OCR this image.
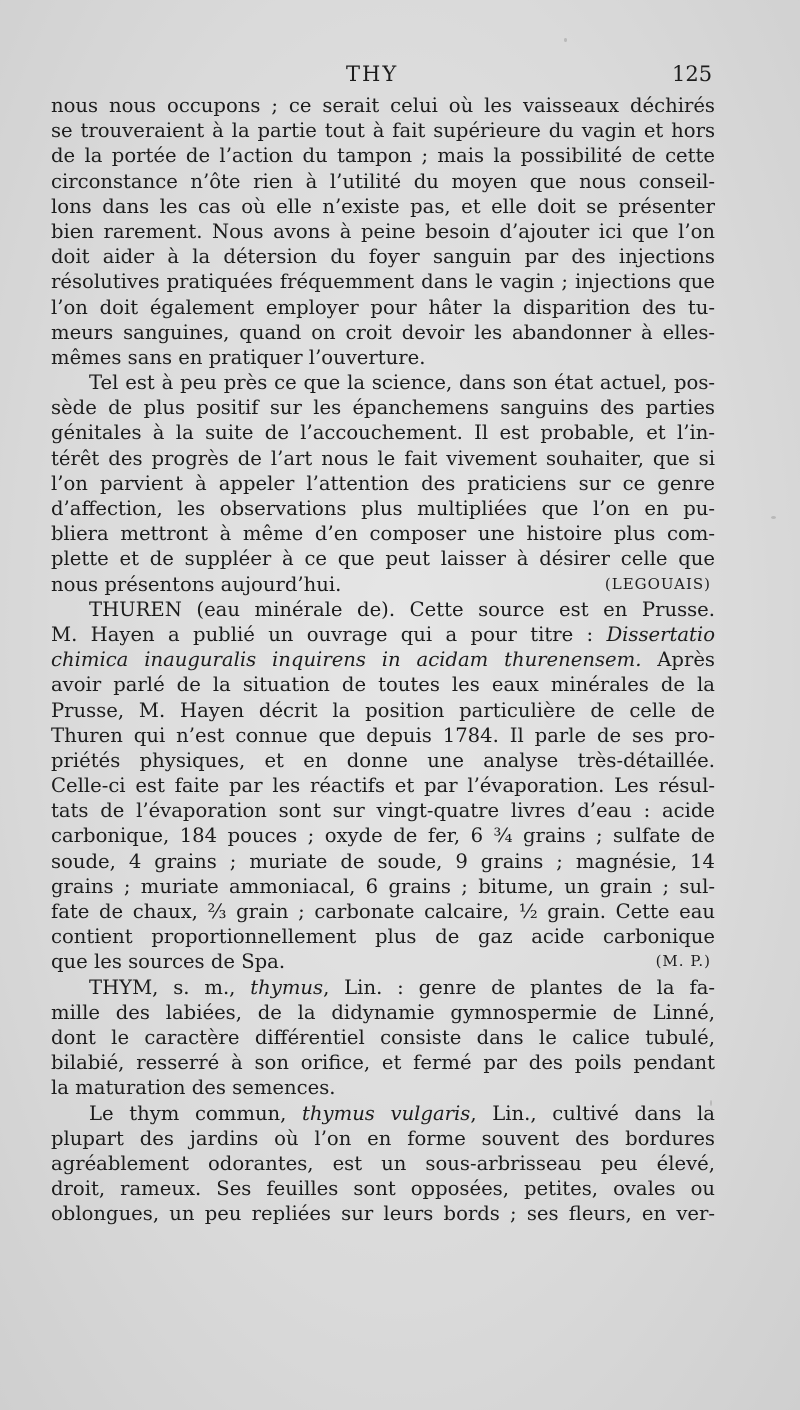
THY	125
nous nous occupons ; ce serait celui où les vaisseaux déchirés
se trouveraient à la partie tout à fait supérieure du vagin et hors
de la portée de l’action du tampon ; mais la possibilité de cette
circonstance n’ôte rien à l’utilité du moyen que nous conseil-
lons dans les cas où elle n’existe pas, et elle doit se présenter
bien rarement. Nous avons à peine besoin d’ajouter ici que l’on
doit aider à la détersion du foyer sanguin par des injections
résolutives pratiquées fréquemment dans le vagin ; injections que
l’on doit également employer pour hâter la disparition des tu-
meurs sanguines, quand on croit devoir les abandonner à elles-
mêmes sans en pratiquer l’ouverture.
Tel est à peu près ce que la science, dans son état actuel, pos-
sède de plus positif sur les épanchemens sanguins des parties
génitales à la suite de l’accouchement. Il est probable, et l’in-
térêt des progrès de l’art nous le fait vivement souhaiter, que si
l’on parvient à appeler l’attention des praticiens sur ce genre
d’affection, les observations plus multipliées que l’on en pu-
bliera mettront à même d’en composer une histoire plus com-
plette et de suppléer à ce que peut laisser à désirer celle que
nous présentons aujourd’hui.	(LEGOUAIS)
THUREN (eau minérale de). Cette source est en Prusse.
M. Hayen a publié un ouvrage qui a pour titre : Dissertatio
chimica inauguralis inquirens in acidam thurenensem. Après
avoir parlé de la situation de toutes les eaux minérales de la
Prusse, M. Hayen décrit la position particulière de celle de
Thuren qui n’est connue que depuis 1784. Il parle de ses pro-
priétés physiques, et en donne une analyse très-détaillée.
Celle-ci est faite par les réactifs et par l’évaporation. Les résul-
tats de l’évaporation sont sur vingt-quatre livres d’eau : acide
carbonique, 184 pouces ; oxyde de fer, 6 ¾ grains ; sulfate de
soude, 4 grains ; muriate de soude, 9 grains ; magnésie, 14
grains ; muriate ammoniacal, 6 grains ; bitume, un grain ; sul-
fate de chaux, ⅔ grain ; carbonate calcaire, ½ grain. Cette eau
contient proportionnellement plus de gaz acide carbonique
que les sources de Spa.	(M. P.)
THYM, s. m., thymus, Lin. : genre de plantes de la fa-
mille des labiées, de la didynamie gymnospermie de Linné,
dont le caractère différentiel consiste dans le calice tubulé,
bilabié, resserré à son orifice, et fermé par des poils pendant
la maturation des semences.
Le thym commun, thymus vulgaris, Lin., cultivé dans la
plupart des jardins où l’on en forme souvent des bordures
agréablement odorantes, est un sous-arbrisseau peu élevé,
droit, rameux. Ses feuilles sont opposées, petites, ovales ou
oblongues, un peu repliées sur leurs bords ; ses fleurs, en ver-
